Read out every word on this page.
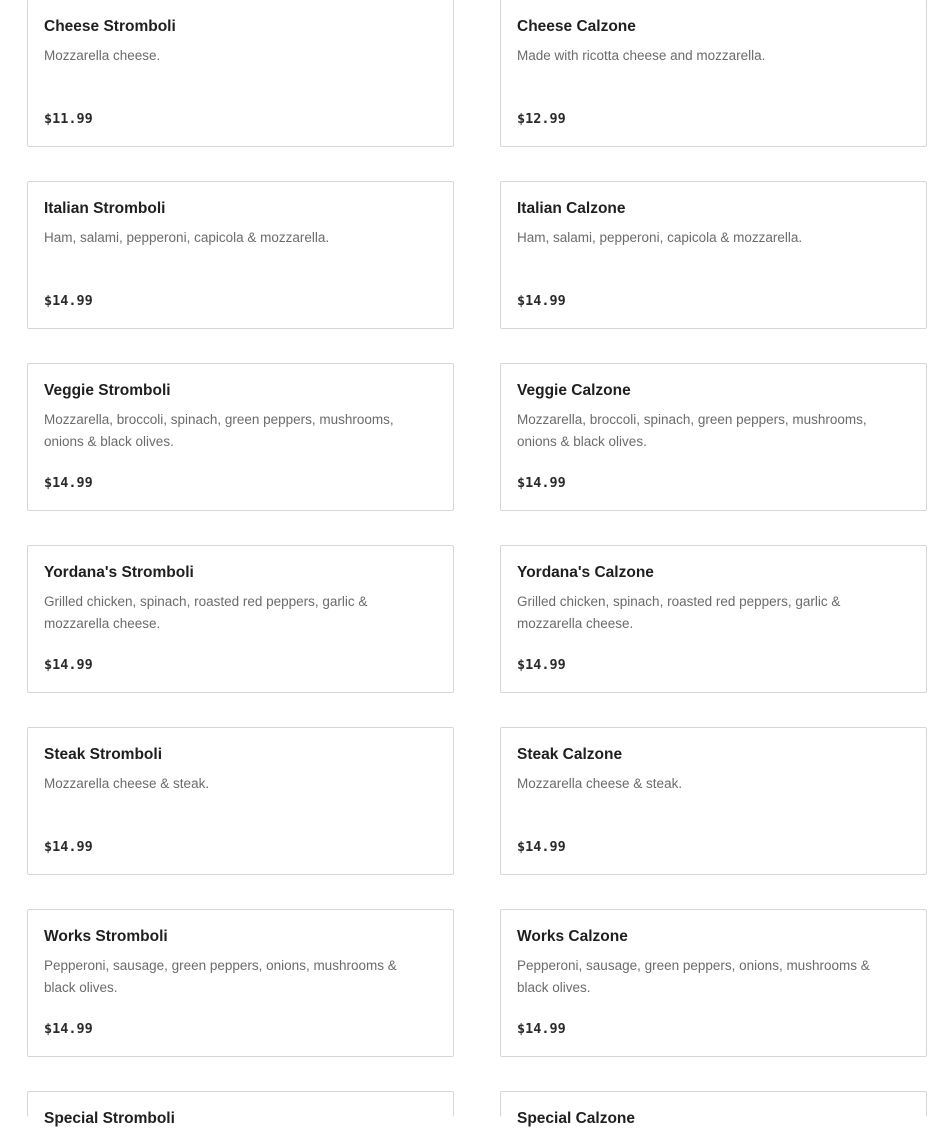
Cheese Stromboli
Mozzarella cheese.
$11.99
Cheese Calzone
Made with ricotta cheese and mozzarella.
$12.99
Italian Stromboli
Ham, salami, pepperoni, capicola & mozzarella.
$14.99
Italian Calzone
Ham, salami, pepperoni, capicola & mozzarella.
$14.99
Veggie Stromboli
Mozzarella, broccoli, spinach, green peppers, mushrooms, onions & black olives.
$14.99
Veggie Calzone
Mozzarella, broccoli, spinach, green peppers, mushrooms, onions & black olives.
$14.99
Yordana's Stromboli
Grilled chicken, spinach, roasted red peppers, garlic & mozzarella cheese.
$14.99
Yordana's Calzone
Grilled chicken, spinach, roasted red peppers, garlic & mozzarella cheese.
$14.99
Steak Stromboli
Mozzarella cheese & steak.
$14.99
Steak Calzone
Mozzarella cheese & steak.
$14.99
Works Stromboli
Pepperoni, sausage, green peppers, onions, mushrooms & black olives.
$14.99
Works Calzone
Pepperoni, sausage, green peppers, onions, mushrooms & black olives.
$14.99
Special Stromboli	Special Calzone
